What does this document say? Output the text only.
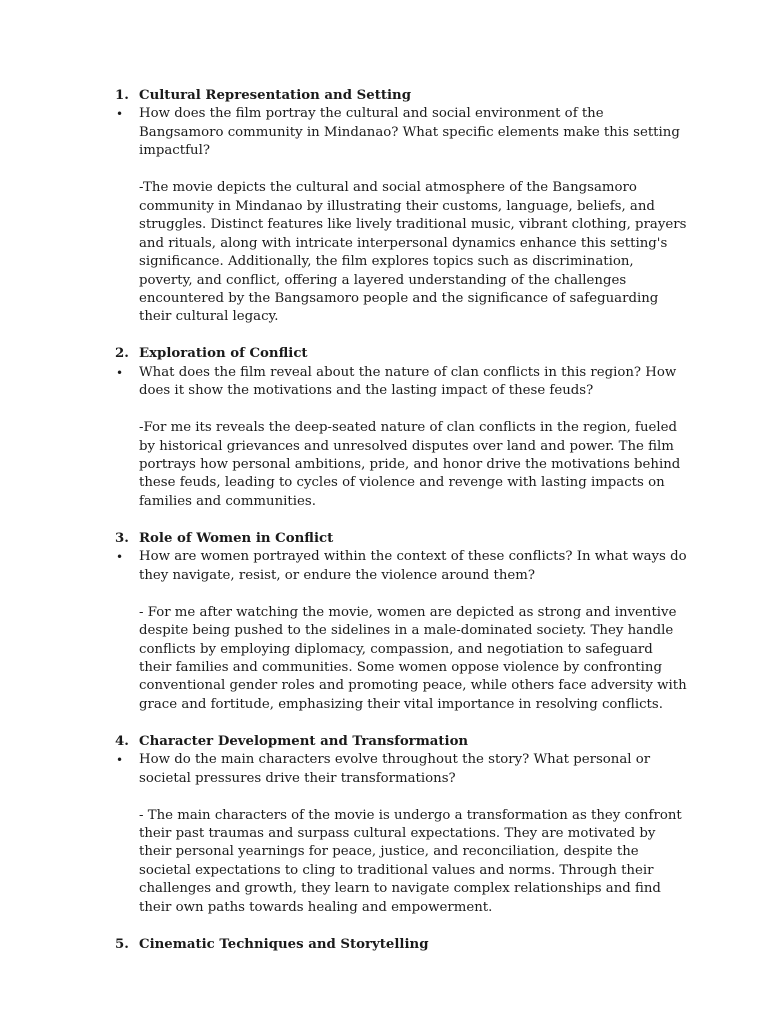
1. Cultural Representation and Setting
• How does the film portray the cultural and social environment of the Bangsamoro community in Mindanao? What specific elements make this setting impactful?
-The movie depicts the cultural and social atmosphere of the Bangsamoro community in Mindanao by illustrating their customs, language, beliefs, and struggles. Distinct features like lively traditional music, vibrant clothing, prayers and rituals, along with intricate interpersonal dynamics enhance this setting's significance. Additionally, the film explores topics such as discrimination, poverty, and conflict, offering a layered understanding of the challenges encountered by the Bangsamoro people and the significance of safeguarding their cultural legacy.
2. Exploration of Conflict
• What does the film reveal about the nature of clan conflicts in this region? How does it show the motivations and the lasting impact of these feuds?
-For me its reveals the deep-seated nature of clan conflicts in the region, fueled by historical grievances and unresolved disputes over land and power. The film portrays how personal ambitions, pride, and honor drive the motivations behind these feuds, leading to cycles of violence and revenge with lasting impacts on families and communities.
3. Role of Women in Conflict
• How are women portrayed within the context of these conflicts? In what ways do they navigate, resist, or endure the violence around them?
- For me after watching the movie, women are depicted as strong and inventive despite being pushed to the sidelines in a male-dominated society. They handle conflicts by employing diplomacy, compassion, and negotiation to safeguard their families and communities. Some women oppose violence by confronting conventional gender roles and promoting peace, while others face adversity with grace and fortitude, emphasizing their vital importance in resolving conflicts.
4. Character Development and Transformation
• How do the main characters evolve throughout the story? What personal or societal pressures drive their transformations?
- The main characters of the movie is undergo a transformation as they confront their past traumas and surpass cultural expectations. They are motivated by their personal yearnings for peace, justice, and reconciliation, despite the societal expectations to cling to traditional values and norms. Through their challenges and growth, they learn to navigate complex relationships and find their own paths towards healing and empowerment.
5. Cinematic Techniques and Storytelling
